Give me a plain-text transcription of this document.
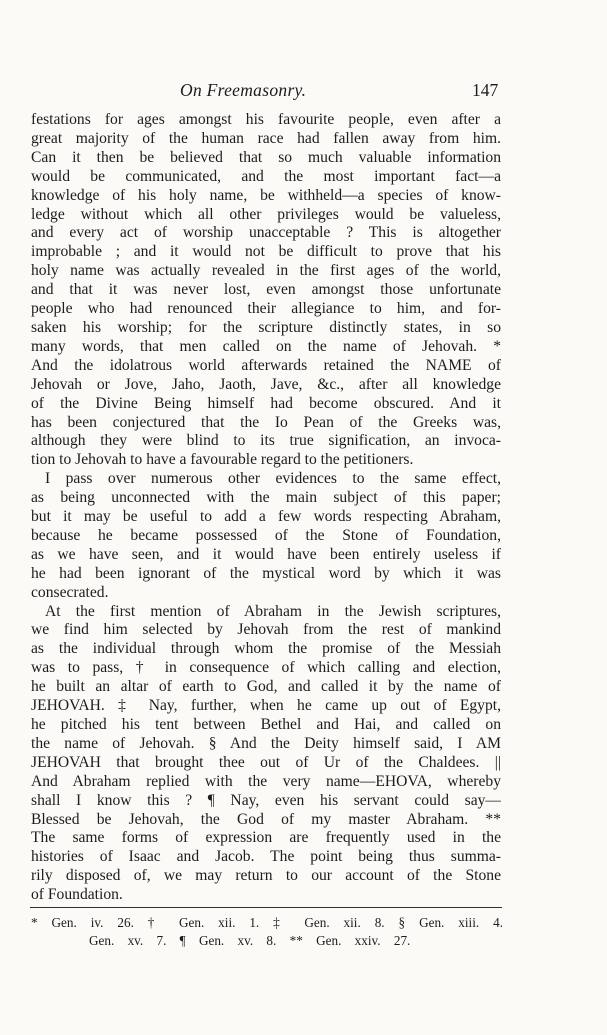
On Freemasonry.	147
festations for ages amongst his favourite people, even after a
great majority of the human race had fallen away from him.
Can it then be believed that so much valuable information
would be communicated, and the most important fact—a
knowledge of his holy name, be withheld—a species of know-
ledge without which all other privileges would be valueless,
and every act of worship unacceptable ? This is altogether
improbable ; and it would not be difficult to prove that his
holy name was actually revealed in the first ages of the world,
and that it was never lost, even amongst those unfortunate
people who had renounced their allegiance to him, and for-
saken his worship; for the scripture distinctly states, in so
many words, that men called on the name of Jehovah. *
And the idolatrous world afterwards retained the NAME of
Jehovah or Jove, Jaho, Jaoth, Jave, &c., after all knowledge
of the Divine Being himself had become obscured. And it
has been conjectured that the Io Pean of the Greeks was,
although they were blind to its true signification, an invoca-
tion to Jehovah to have a favourable regard to the petitioners.
I pass over numerous other evidences to the same effect,
as being unconnected with the main subject of this paper;
but it may be useful to add a few words respecting Abraham,
because he became possessed of the Stone of Foundation,
as we have seen, and it would have been entirely useless if
he had been ignorant of the mystical word by which it was
consecrated.
At the first mention of Abraham in the Jewish scriptures,
we find him selected by Jehovah from the rest of mankind
as the individual through whom the promise of the Messiah
was to pass, † in consequence of which calling and election,
he built an altar of earth to God, and called it by the name of
JEHOVAH. ‡ Nay, further, when he came up out of Egypt,
he pitched his tent between Bethel and Hai, and called on
the name of Jehovah. § And the Deity himself said, I AM
JEHOVAH that brought thee out of Ur of the Chaldees. ||
And Abraham replied with the very name—EHOVA, whereby
shall I know this ? ¶ Nay, even his servant could say—
Blessed be Jehovah, the God of my master Abraham. **
The same forms of expression are frequently used in the
histories of Isaac and Jacob. The point being thus summa-
rily disposed of, we may return to our account of the Stone
of Foundation.
* Gen. iv. 26. † Gen. xii. 1. ‡ Gen. xii. 8. § Gen. xiii. 4.
Gen. xv. 7. ¶ Gen. xv. 8. ** Gen. xxiv. 27.
